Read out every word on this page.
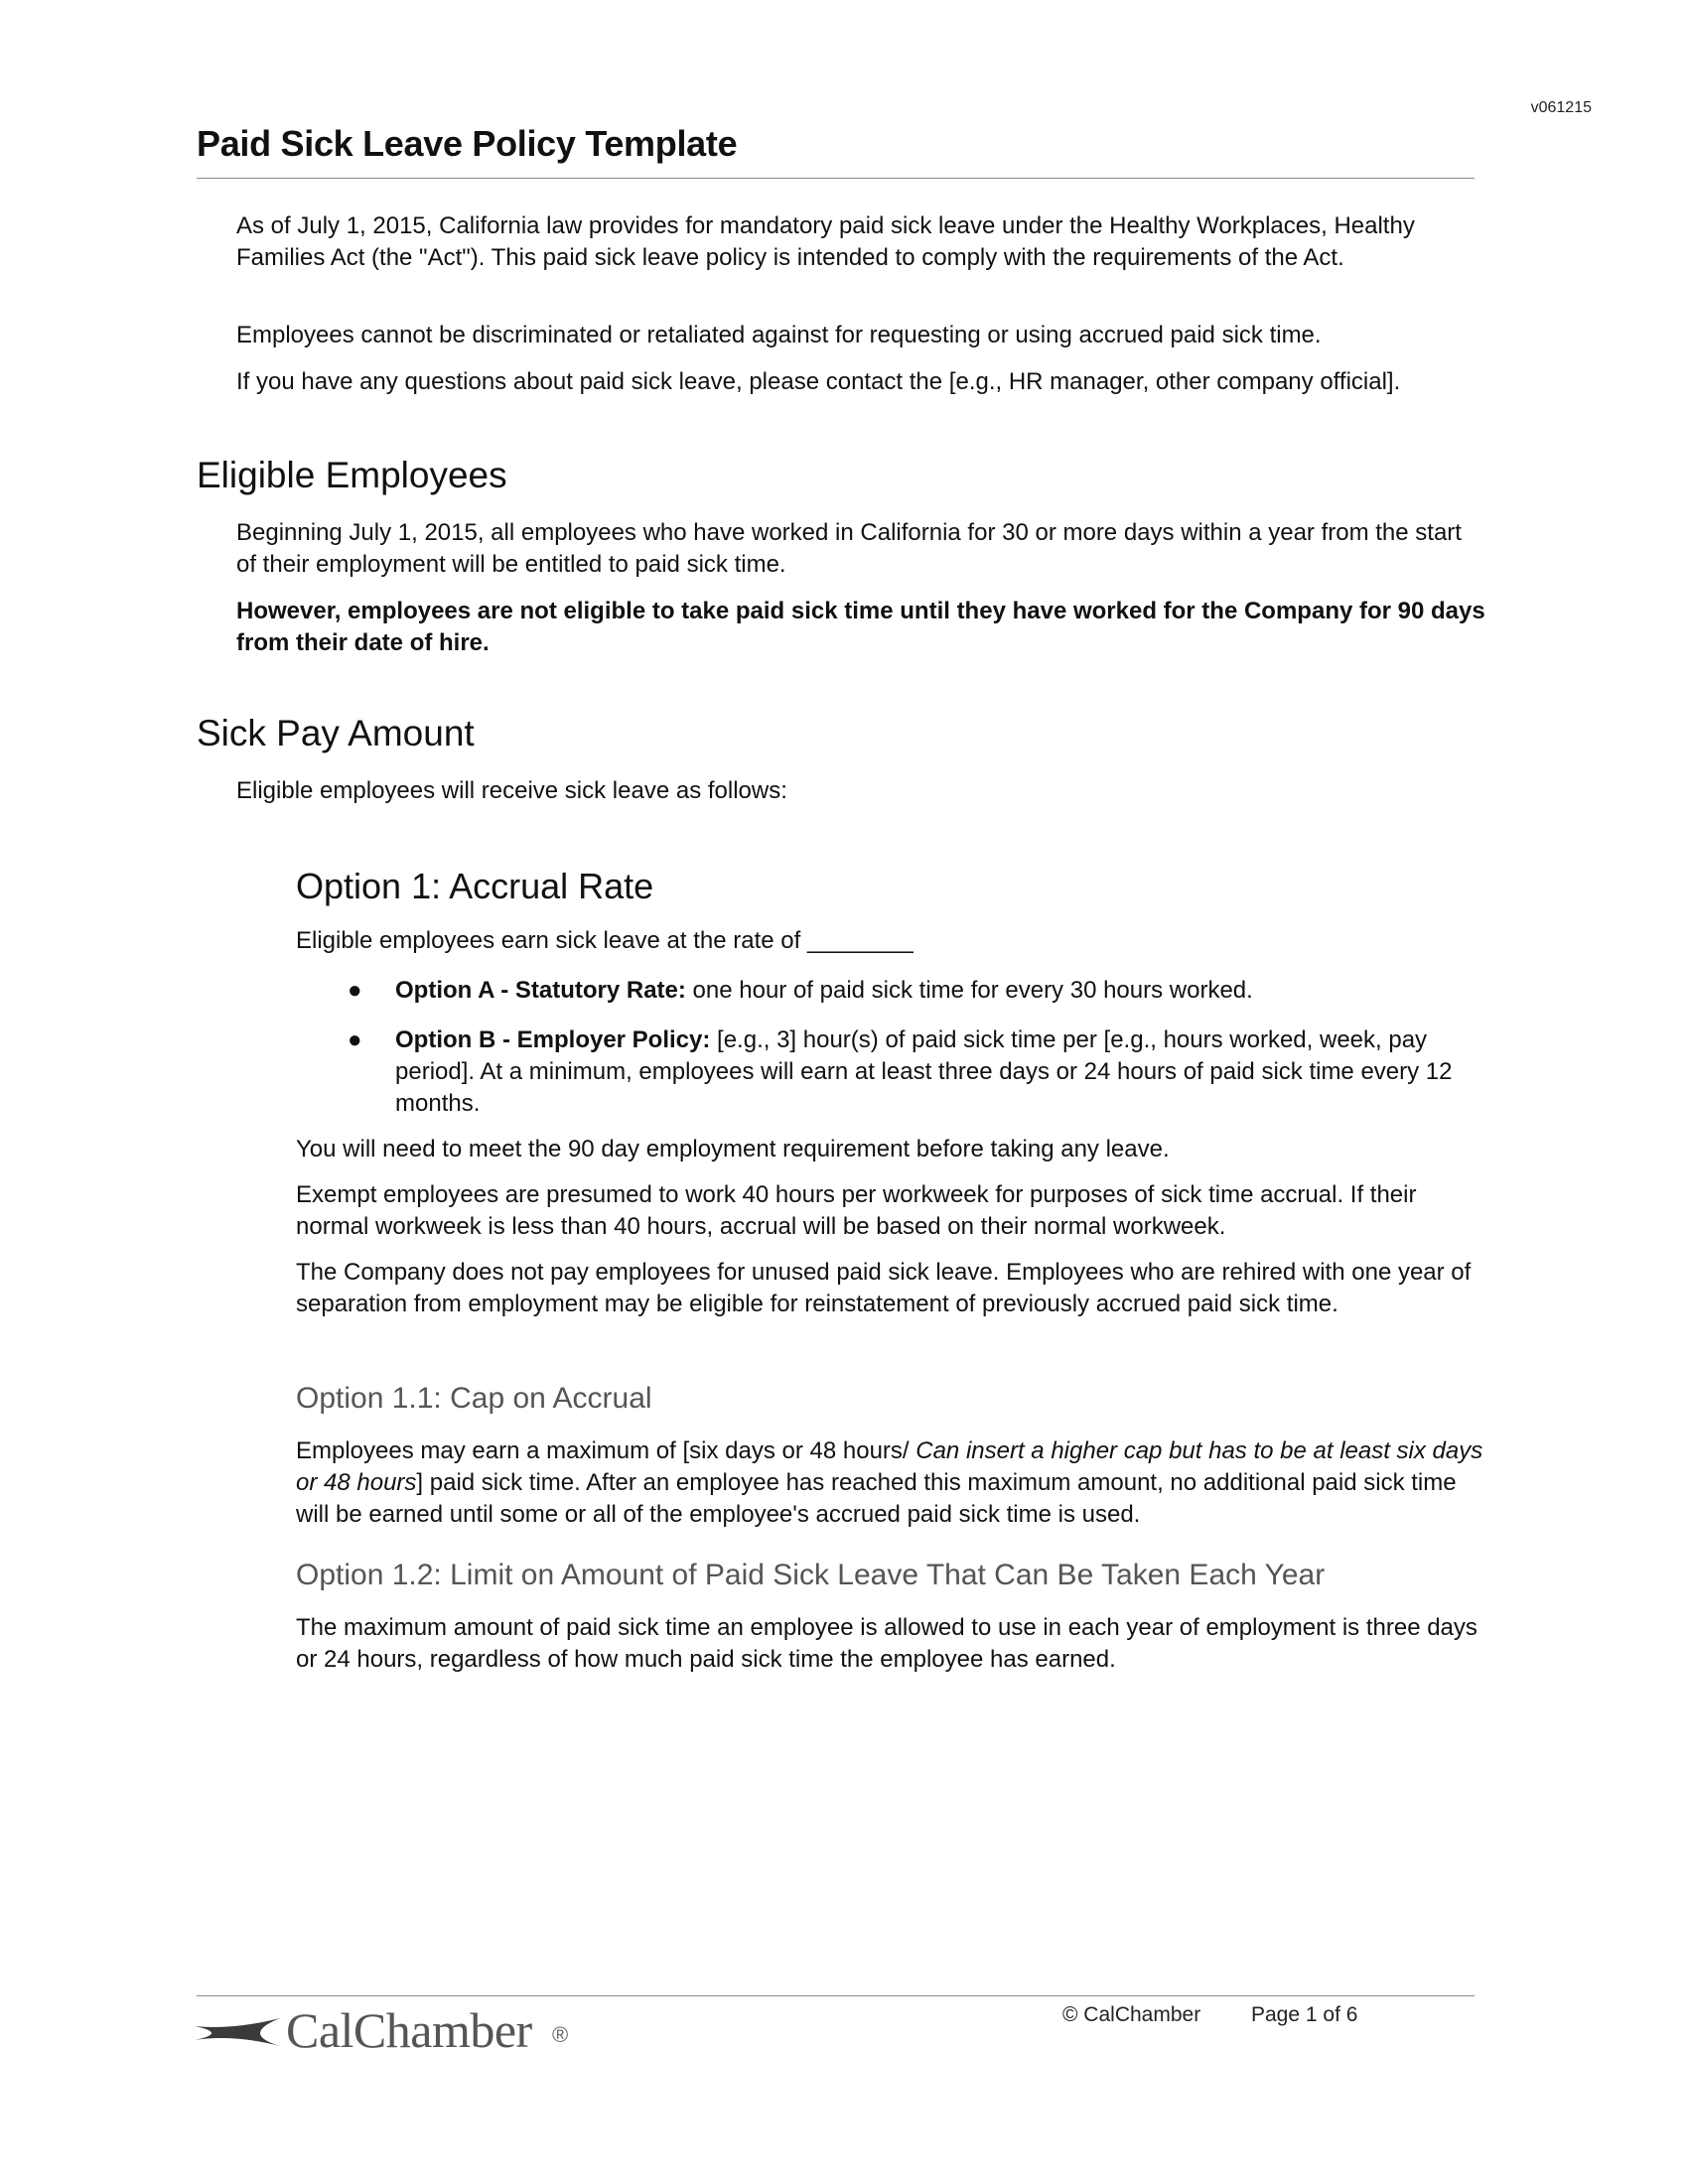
v061215
Paid Sick Leave Policy Template

As of July 1, 2015, California law provides for mandatory paid sick leave under the Healthy Workplaces, Healthy Families Act (the "Act"). This paid sick leave policy is intended to comply with the requirements of the Act.

Employees cannot be discriminated or retaliated against for requesting or using accrued paid sick time.

If you have any questions about paid sick leave, please contact the [e.g., HR manager, other company official].

Eligible Employees

Beginning July 1, 2015, all employees who have worked in California for 30 or more days within a year from the start of their employment will be entitled to paid sick time.

However, employees are not eligible to take paid sick time until they have worked for the Company for 90 days from their date of hire.

Sick Pay Amount

Eligible employees will receive sick leave as follows:

Option 1: Accrual Rate

Eligible employees earn sick leave at the rate of ________

● Option A - Statutory Rate: one hour of paid sick time for every 30 hours worked.
● Option B - Employer Policy: [e.g., 3] hour(s) of paid sick time per [e.g., hours worked, week, pay period]. At a minimum, employees will earn at least three days or 24 hours of paid sick time every 12 months.

You will need to meet the 90 day employment requirement before taking any leave.

Exempt employees are presumed to work 40 hours per workweek for purposes of sick time accrual. If their normal workweek is less than 40 hours, accrual will be based on their normal workweek.

The Company does not pay employees for unused paid sick leave. Employees who are rehired with one year of separation from employment may be eligible for reinstatement of previously accrued paid sick time.

Option 1.1: Cap on Accrual

Employees may earn a maximum of [six days or 48 hours/ Can insert a higher cap but has to be at least six days or 48 hours] paid sick time. After an employee has reached this maximum amount, no additional paid sick time will be earned until some or all of the employee's accrued paid sick time is used.

Option 1.2: Limit on Amount of Paid Sick Leave That Can Be Taken Each Year

The maximum amount of paid sick time an employee is allowed to use in each year of employment is three days or 24 hours, regardless of how much paid sick time the employee has earned.

CalChamber ®
© CalChamber Page 1 of 6
